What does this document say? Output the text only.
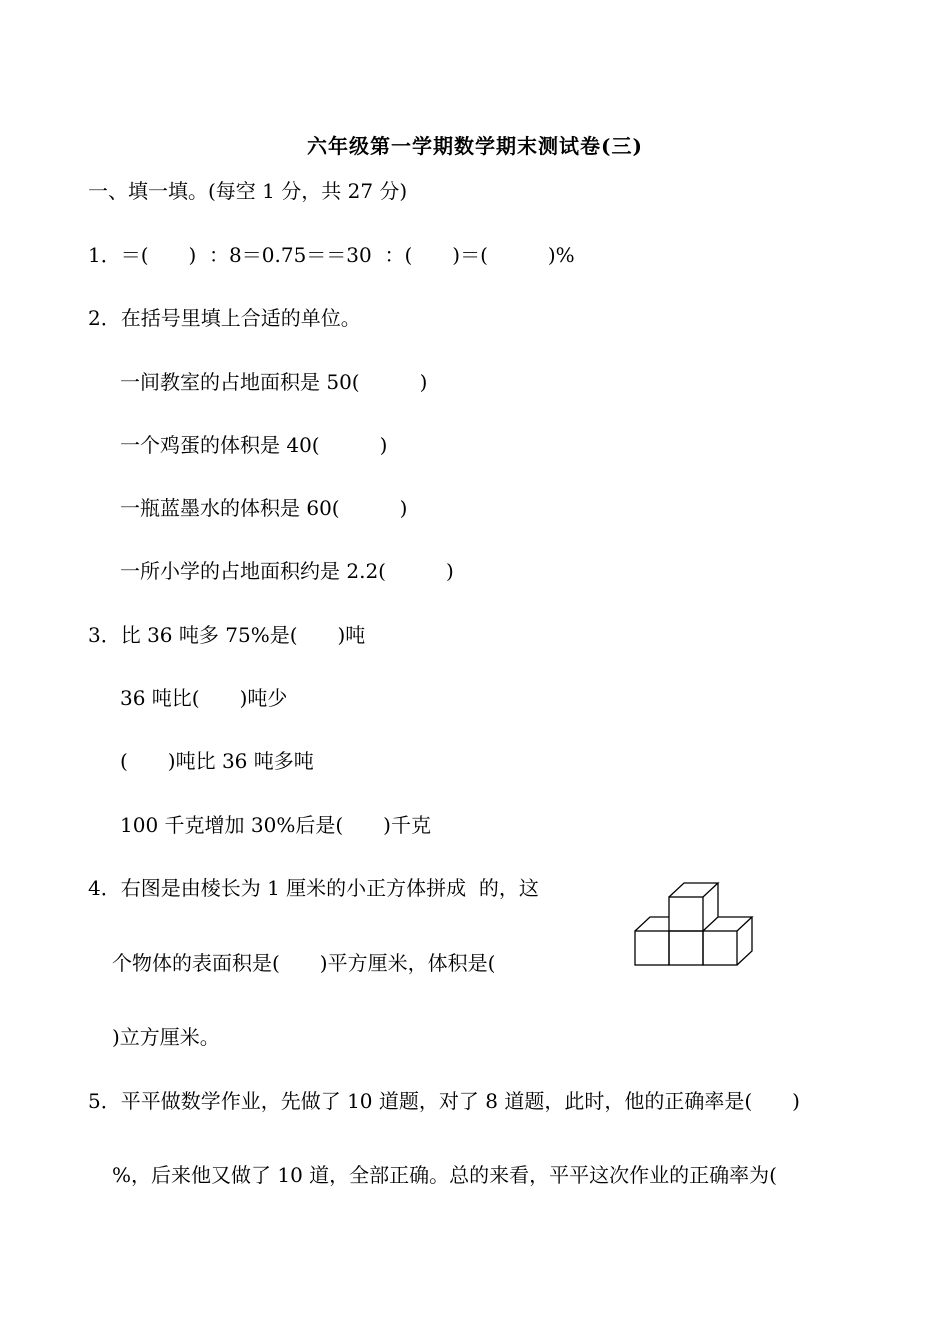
六年级第一学期数学期末测试卷(三)
一、填一填。(每空 1 分，共 27 分)
1．＝(　　)  ：8＝0.75＝＝30  ：(　　)＝(　　　)%
2．在括号里填上合适的单位。
一间教室的占地面积是 50(　　　)
一个鸡蛋的体积是 40(　　　)
一瓶蓝墨水的体积是 60(　　　)
一所小学的占地面积约是 2.2(　　　)
3．比 36 吨多 75%是(　　)吨
36 吨比(　　)吨少
(　　)吨比 36 吨多吨
100 千克增加 30%后是(　　)千克
4．右图是由棱长为 1 厘米的小正方体拼成  的，这
个物体的表面积是(　　)平方厘米，体积是(
)立方厘米。
5．平平做数学作业，先做了 10 道题，对了 8 道题，此时，他的正确率是(　　)
%，后来他又做了 10 道，全部正确。总的来看，平平这次作业的正确率为(
